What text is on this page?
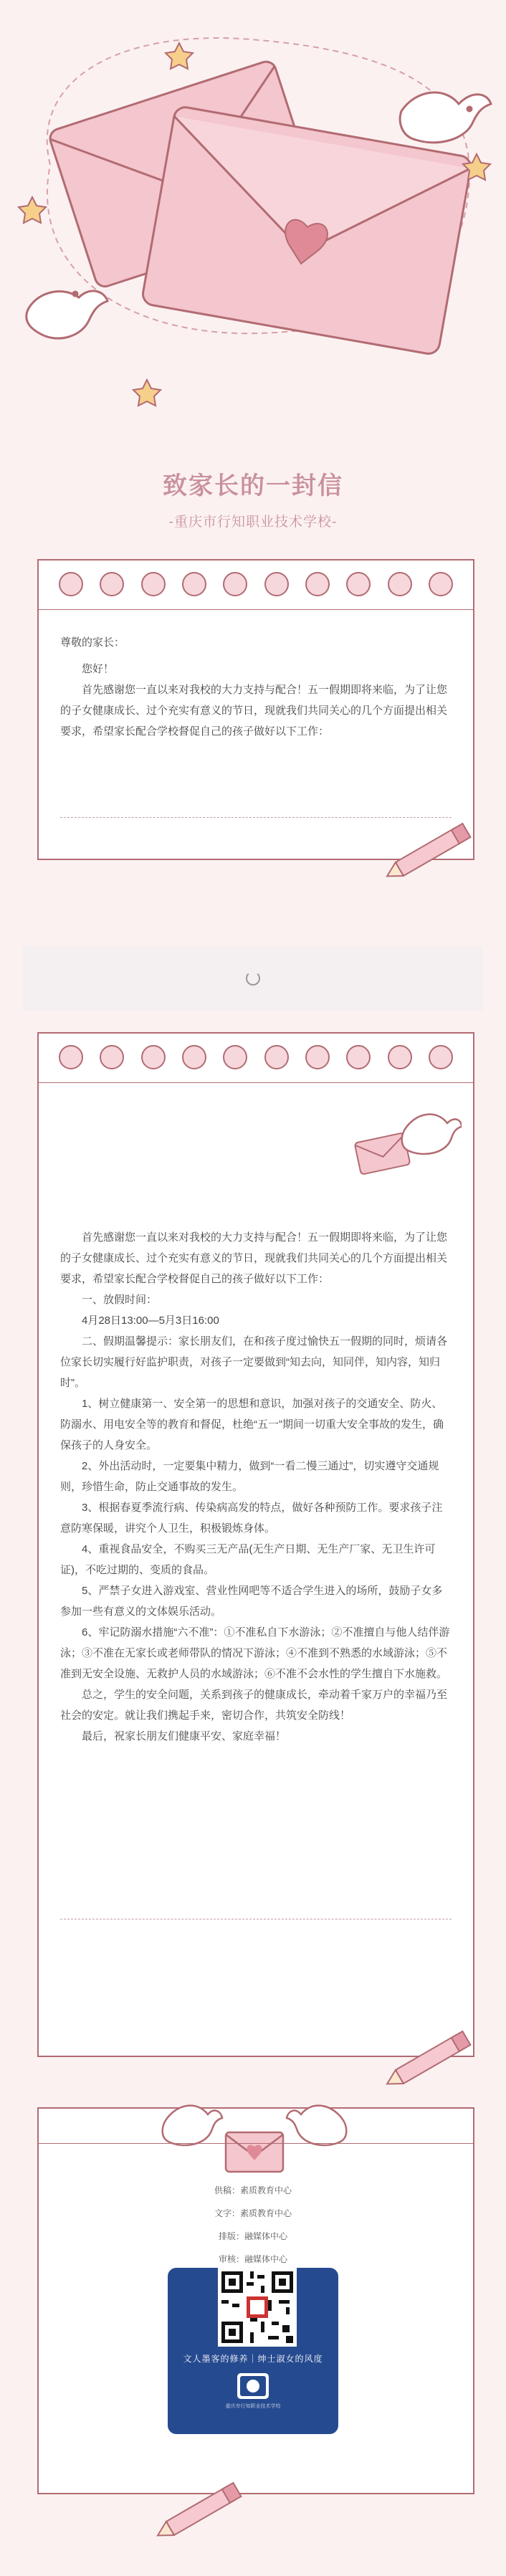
致家长的一封信
-重庆市行知职业技术学校-

尊敬的家长：

您好！

首先感谢您一直以来对我校的大力支持与配合！五一假期即将来临，为了让您的子女健康成长、过个充实有意义的节日，现就我们共同关心的几个方面提出相关要求，希望家长配合学校督促自己的孩子做好以下工作：

首先感谢您一直以来对我校的大力支持与配合！五一假期即将来临，为了让您的子女健康成长、过个充实有意义的节日，现就我们共同关心的几个方面提出相关要求，希望家长配合学校督促自己的孩子做好以下工作：

一、放假时间：

4月28日13:00—5月3日16:00

二、假期温馨提示：家长朋友们，在和孩子度过愉快五一假期的同时，烦请各位家长切实履行好监护职责，对孩子一定要做到“知去向，知同伴，知内容，知归时”。

1、树立健康第一、安全第一的思想和意识，加强对孩子的交通安全、防火、防溺水、用电安全等的教育和督促，杜绝“五一”期间一切重大安全事故的发生，确保孩子的人身安全。

2、外出活动时，一定要集中精力，做到“一看二慢三通过”，切实遵守交通规则，珍惜生命，防止交通事故的发生。

3、根据春夏季流行病、传染病高发的特点，做好各种预防工作。要求孩子注意防寒保暖，讲究个人卫生，积极锻炼身体。

4、重视食品安全，不购买三无产品(无生产日期、无生产厂家、无卫生许可证)，不吃过期的、变质的食品。

5、严禁子女进入游戏室、营业性网吧等不适合学生进入的场所，鼓励子女多参加一些有意义的文体娱乐活动。

6、牢记防溺水措施“六不准”：①不准私自下水游泳；②不准擅自与他人结伴游泳；③不准在无家长或老师带队的情况下游泳；④不准到不熟悉的水域游泳；⑤不准到无安全设施、无救护人员的水域游泳；⑥不准不会水性的学生擅自下水施救。

总之，学生的安全问题，关系到孩子的健康成长，牵动着千家万户的幸福乃至社会的安定。就让我们携起手来，密切合作，共筑安全防线！

最后，祝家长朋友们健康平安、家庭幸福！

供稿：素质教育中心
文字：素质教育中心
排版：融媒体中心
审核：融媒体中心
文人墨客的修养｜绅士淑女的风度
重庆市行知职业技术学校
